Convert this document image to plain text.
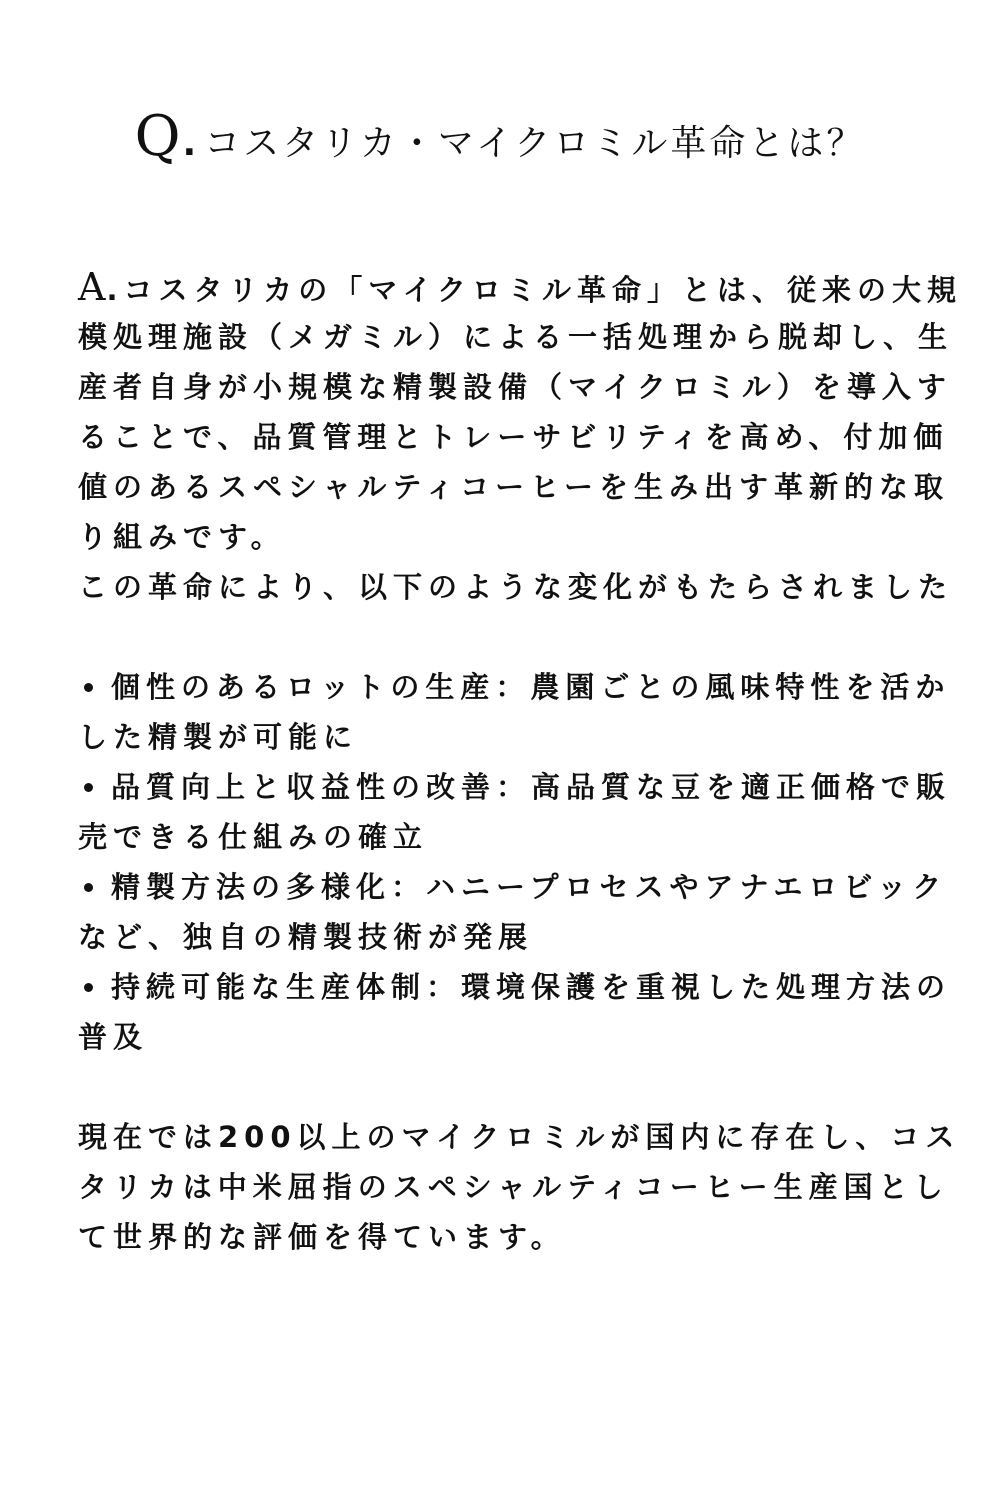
Q. コスタリカ・マイクロミル革命とは？
A.コスタリカの「マイクロミル革命」とは、従来の大規
模処理施設（メガミル）による一括処理から脱却し、生
産者自身が小規模な精製設備（マイクロミル）を導入す
ることで、品質管理とトレーサビリティを高め、付加価
値のあるスペシャルティコーヒーを生み出す革新的な取
り組みです。
この革命により、以下のような変化がもたらされました
個性のあるロットの生産：農園ごとの風味特性を活か
した精製が可能に
品質向上と収益性の改善：高品質な豆を適正価格で販
売できる仕組みの確立
精製方法の多様化：ハニープロセスやアナエロビック
など、独自の精製技術が発展
持続可能な生産体制：環境保護を重視した処理方法の
普及
現在では200以上のマイクロミルが国内に存在し、コス
タリカは中米屈指のスペシャルティコーヒー生産国とし
て世界的な評価を得ています。
